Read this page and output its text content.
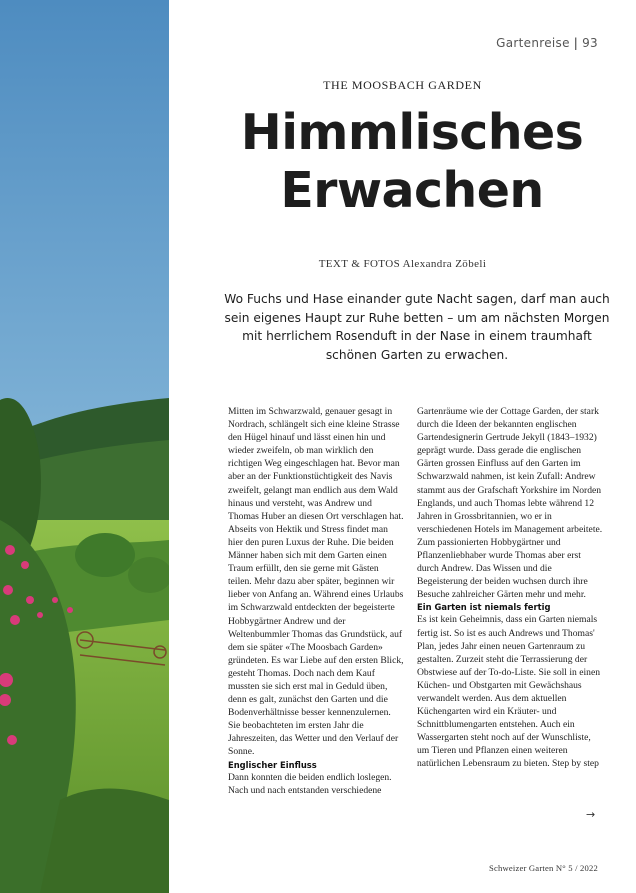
Gartenreise | 93
THE MOOSBACH GARDEN
Himmlisches
Erwachen
TEXT & FOTOS Alexandra Zöbeli
Wo Fuchs und Hase einander gute Nacht sagen, darf man auch sein eigenes Haupt zur Ruhe betten – um am nächsten Morgen mit herrlichem Rosenduft in der Nase in einem traumhaft schönen Garten zu erwachen.

Mitten im Schwarzwald, genauer gesagt in Nordrach, schlängelt sich eine kleine Strasse den Hügel hinauf und lässt einen hin und wieder zweifeln, ob man wirklich den richtigen Weg eingeschlagen hat. Bevor man aber an der Funktionstüchtigkeit des Navis zweifelt, gelangt man endlich aus dem Wald hinaus und versteht, was Andrew und Thomas Huber an diesen Ort verschlagen hat. Abseits von Hektik und Stress findet man hier den puren Luxus der Ruhe. Die beiden Männer haben sich mit dem Garten einen Traum erfüllt, den sie gerne mit Gästen teilen. Mehr dazu aber später, beginnen wir lieber von Anfang an. Während eines Urlaubs im Schwarzwald entdeckten der begeisterte Hobbygärtner Andrew und der Weltenbummler Thomas das Grundstück, auf dem sie später «The Moosbach Garden» gründeten. Es war Liebe auf den ersten Blick, gesteht Thomas. Doch nach dem Kauf mussten sie sich erst mal in Geduld üben, denn es galt, zunächst den Garten und die Bodenverhältnisse besser kennenzulernen. Sie beobachteten im ersten Jahr die Jahreszeiten, das Wetter und den Verlauf der Sonne.

Englischer Einfluss

Dann konnten die beiden endlich loslegen. Nach und nach entstanden verschiedene

Gartenräume wie der Cottage Garden, der stark durch die Ideen der bekannten englischen Gartendesignerin Gertrude Jekyll (1843–1932) geprägt wurde. Dass gerade die englischen Gärten grossen Einfluss auf den Garten im Schwarzwald nahmen, ist kein Zufall: Andrew stammt aus der Grafschaft Yorkshire im Norden Englands, und auch Thomas lebte während 12 Jahren in Grossbritannien, wo er in verschiedenen Hotels im Management arbeitete. Zum passionierten Hobbygärtner und Pflanzenliebhaber wurde Thomas aber erst durch Andrew. Das Wissen und die Begeisterung der beiden wuchsen durch ihre Besuche zahlreicher Gärten mehr und mehr.

Ein Garten ist niemals fertig

Es ist kein Geheimnis, dass ein Garten niemals fertig ist. So ist es auch Andrews und Thomas' Plan, jedes Jahr einen neuen Gartenraum zu gestalten. Zurzeit steht die Terrassierung der Obstwiese auf der To-do-Liste. Sie soll in einen Küchen- und Obstgarten mit Gewächshaus verwandelt werden. Aus dem aktuellen Küchengarten wird ein Kräuter- und Schnittblumengarten entstehen. Auch ein Wassergarten steht noch auf der Wunschliste, um Tieren und Pflanzen einen weiteren natürlichen Lebensraum zu bieten. Step by step

→
Schweizer Garten N° 5 / 2022
